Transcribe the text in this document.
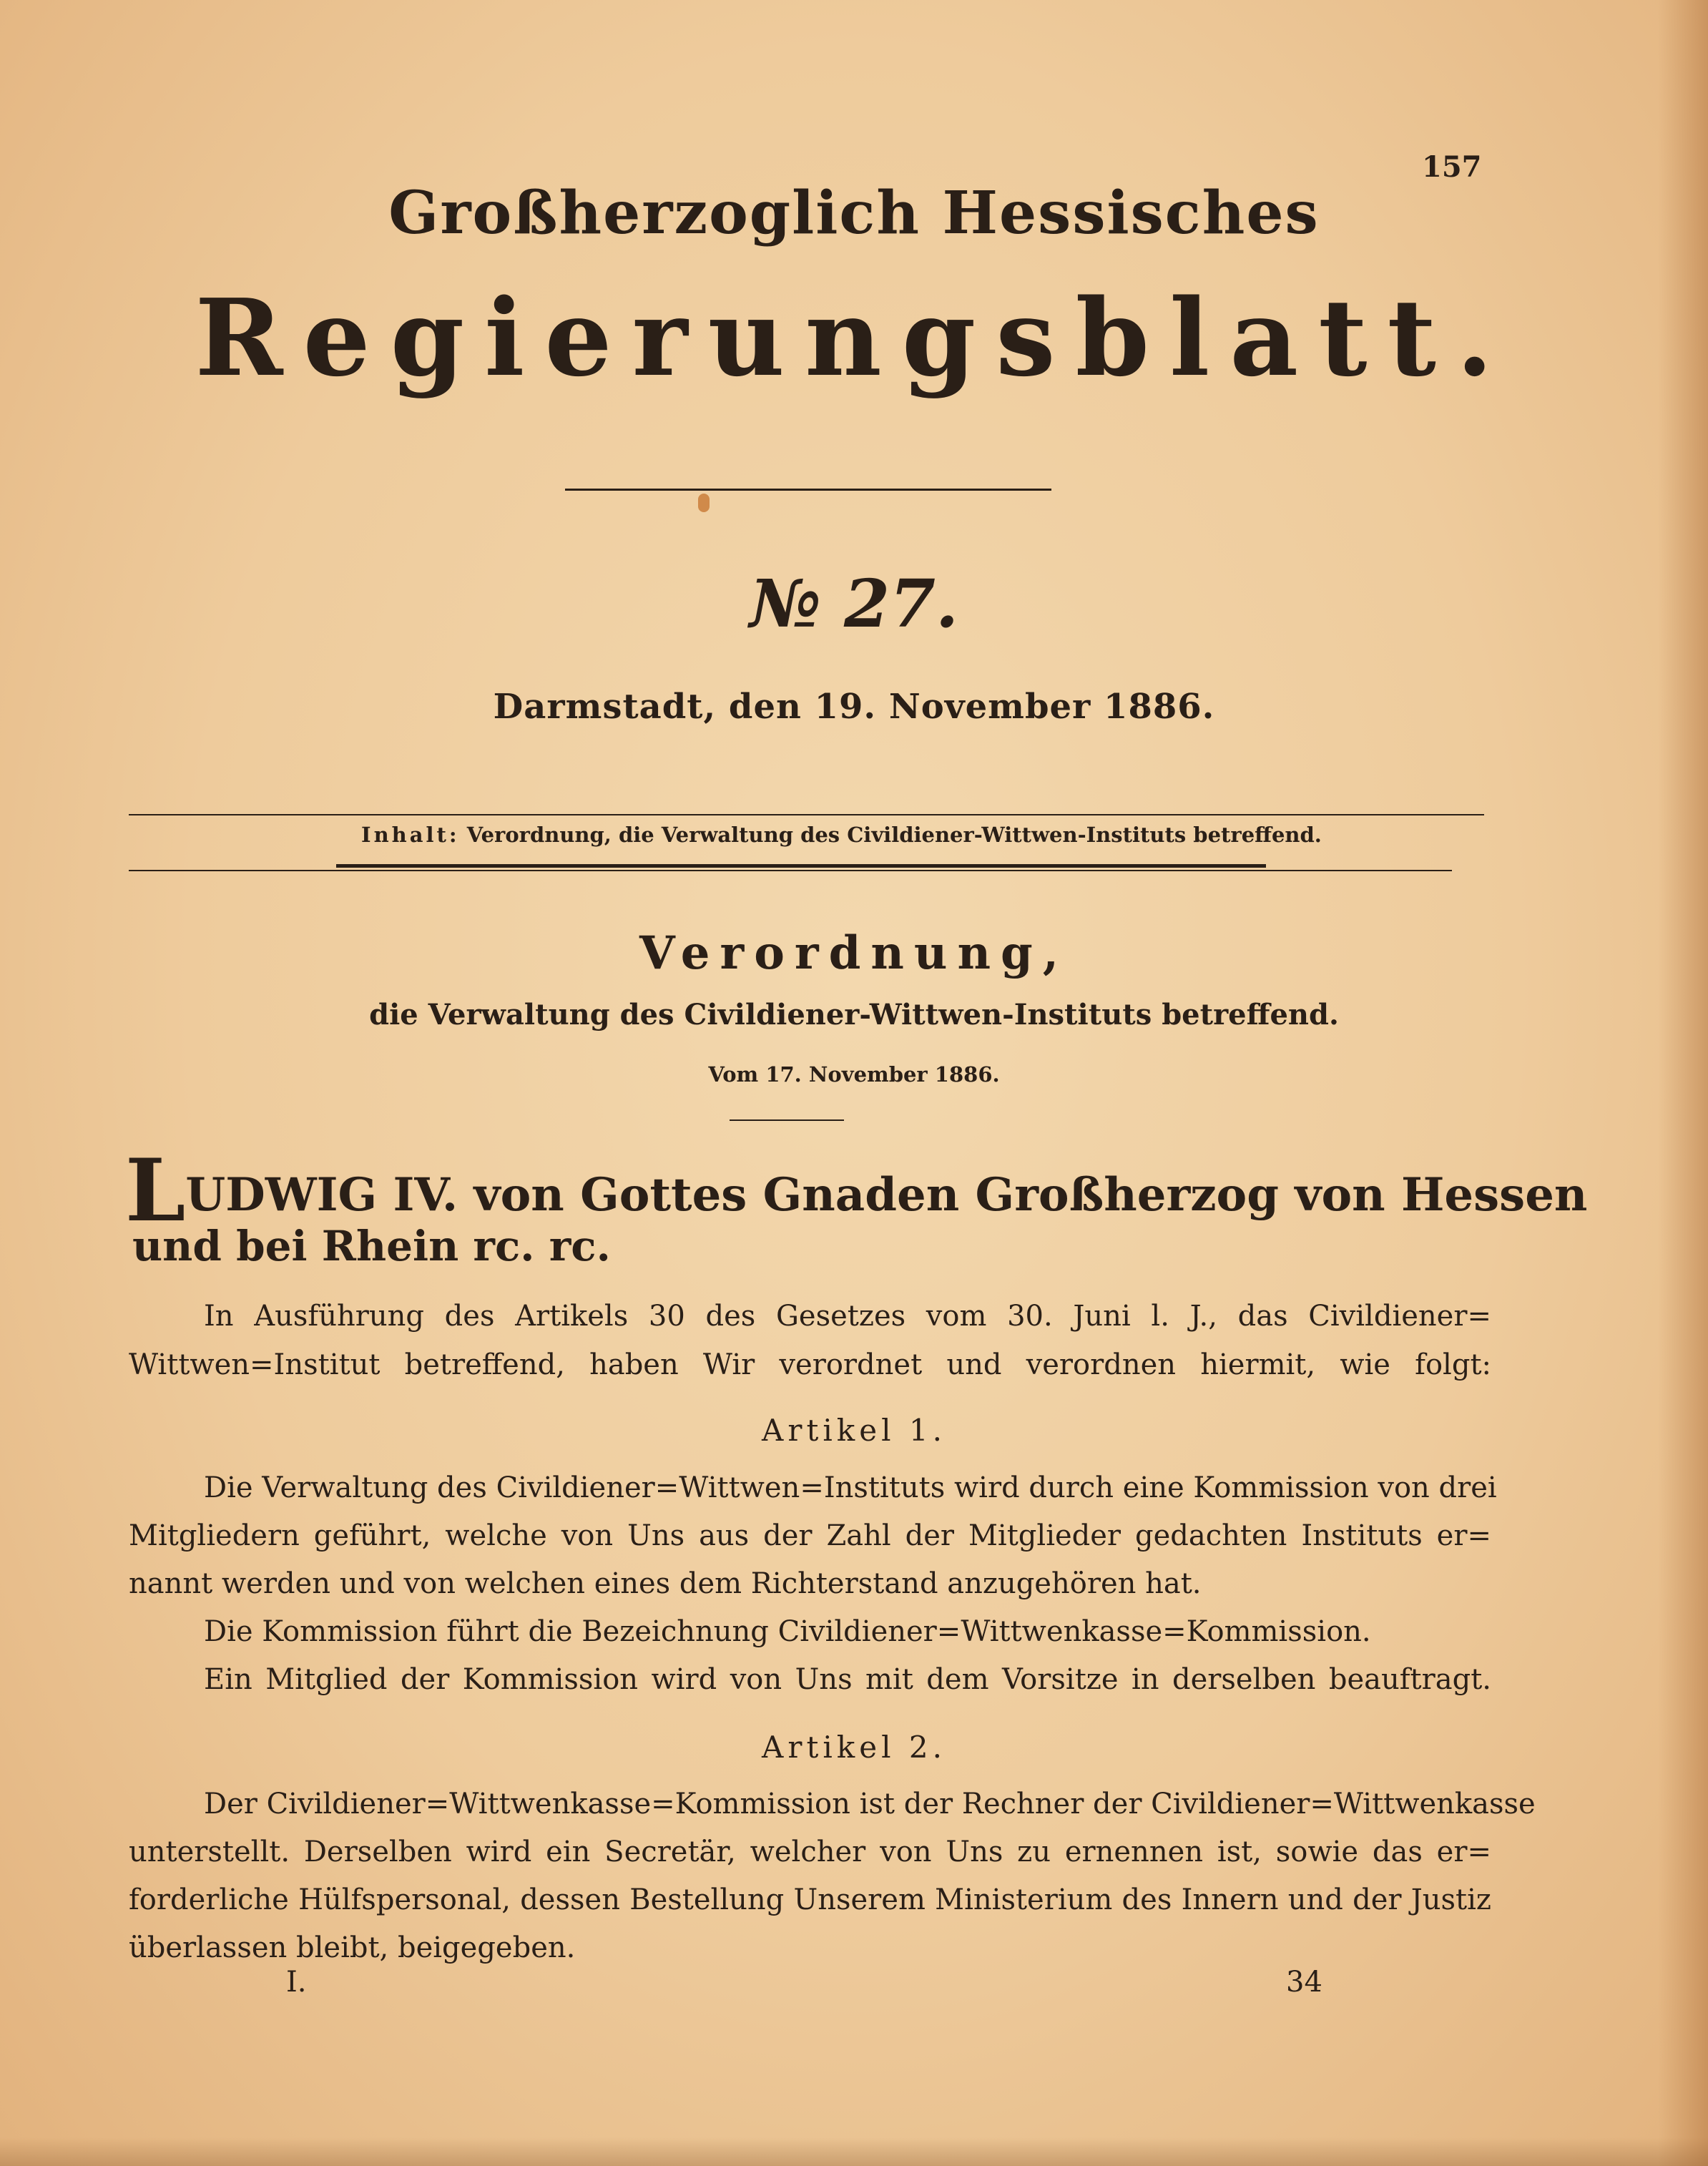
157
Großherzoglich Hessisches
Regierungsblatt.
№ 27.
Darmstadt, den 19. November 1886.
Inhalt: Verordnung, die Verwaltung des Civildiener-Wittwen-Instituts betreffend.
Verordnung,
die Verwaltung des Civildiener-Wittwen-Instituts betreffend.
Vom 17. November 1886.
LUDWIG IV. von Gottes Gnaden Großherzog von Hessen
und bei Rhein rc. rc.
In Ausführung des Artikels 30 des Gesetzes vom 30. Juni l. J., das Civildiener=
Wittwen=Institut betreffend, haben Wir verordnet und verordnen hiermit, wie folgt:
Artikel 1.
Die Verwaltung des Civildiener=Wittwen=Instituts wird durch eine Kommission von drei
Mitgliedern geführt, welche von Uns aus der Zahl der Mitglieder gedachten Instituts er=
nannt werden und von welchen eines dem Richterstand anzugehören hat.
Die Kommission führt die Bezeichnung Civildiener=Wittwenkasse=Kommission.
Ein Mitglied der Kommission wird von Uns mit dem Vorsitze in derselben beauftragt.
Artikel 2.
Der Civildiener=Wittwenkasse=Kommission ist der Rechner der Civildiener=Wittwenkasse
unterstellt. Derselben wird ein Secretär, welcher von Uns zu ernennen ist, sowie das er=
forderliche Hülfspersonal, dessen Bestellung Unserem Ministerium des Innern und der Justiz
überlassen bleibt, beigegeben.
I.	34
